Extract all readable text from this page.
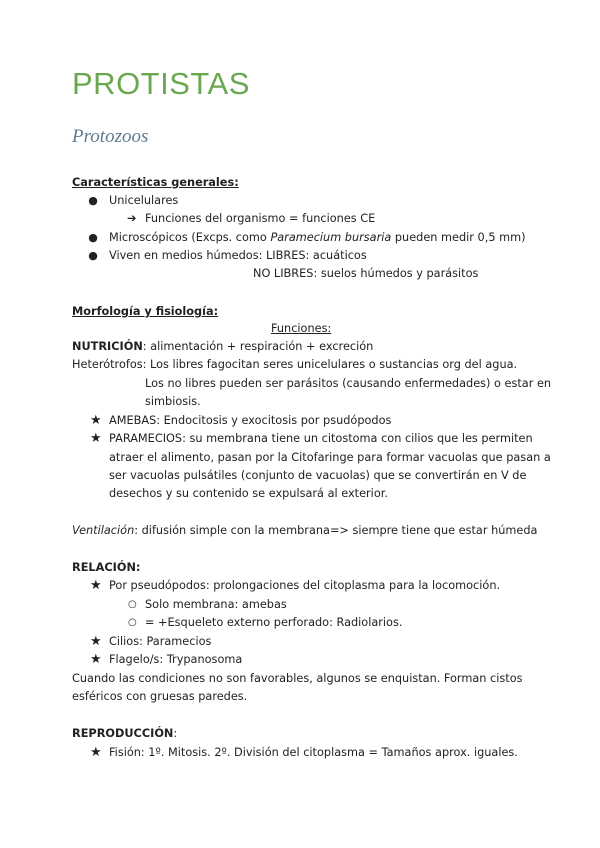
PROTISTAS
Protozoos
Características generales:
● Unicelulares
➔ Funciones del organismo = funciones CE
● Microscópicos (Excps. como Paramecium bursaria pueden medir 0,5 mm)
● Viven en medios húmedos: LIBRES: acuáticos
NO LIBRES: suelos húmedos y parásitos
Morfología y fisiología:
Funciones:
NUTRICIÓN: alimentación + respiración + excreción
Heterótrofos: Los libres fagocitan seres unicelulares o sustancias org del agua.
Los no libres pueden ser parásitos (causando enfermedades) o estar en
simbiosis.
★ AMEBAS: Endocitosis y exocitosis por psudópodos
★ PARAMECIOS: su membrana tiene un citostoma con cilios que les permiten
atraer el alimento, pasan por la Citofaringe para formar vacuolas que pasan a
ser vacuolas pulsátiles (conjunto de vacuolas) que se convertirán en V de
desechos y su contenido se expulsará al exterior.
Ventilación: difusión simple con la membrana=> siempre tiene que estar húmeda
RELACIÓN:
★ Por pseudópodos: prolongaciones del citoplasma para la locomoción.
○ Solo membrana: amebas
○ = +Esqueleto externo perforado: Radiolarios.
★ Cilios: Paramecios
★ Flagelo/s: Trypanosoma
Cuando las condiciones no son favorables, algunos se enquistan. Forman cistos
esféricos con gruesas paredes.
REPRODUCCIÓN:
★ Fisión: 1º. Mitosis. 2º. División del citoplasma = Tamaños aprox. iguales.
